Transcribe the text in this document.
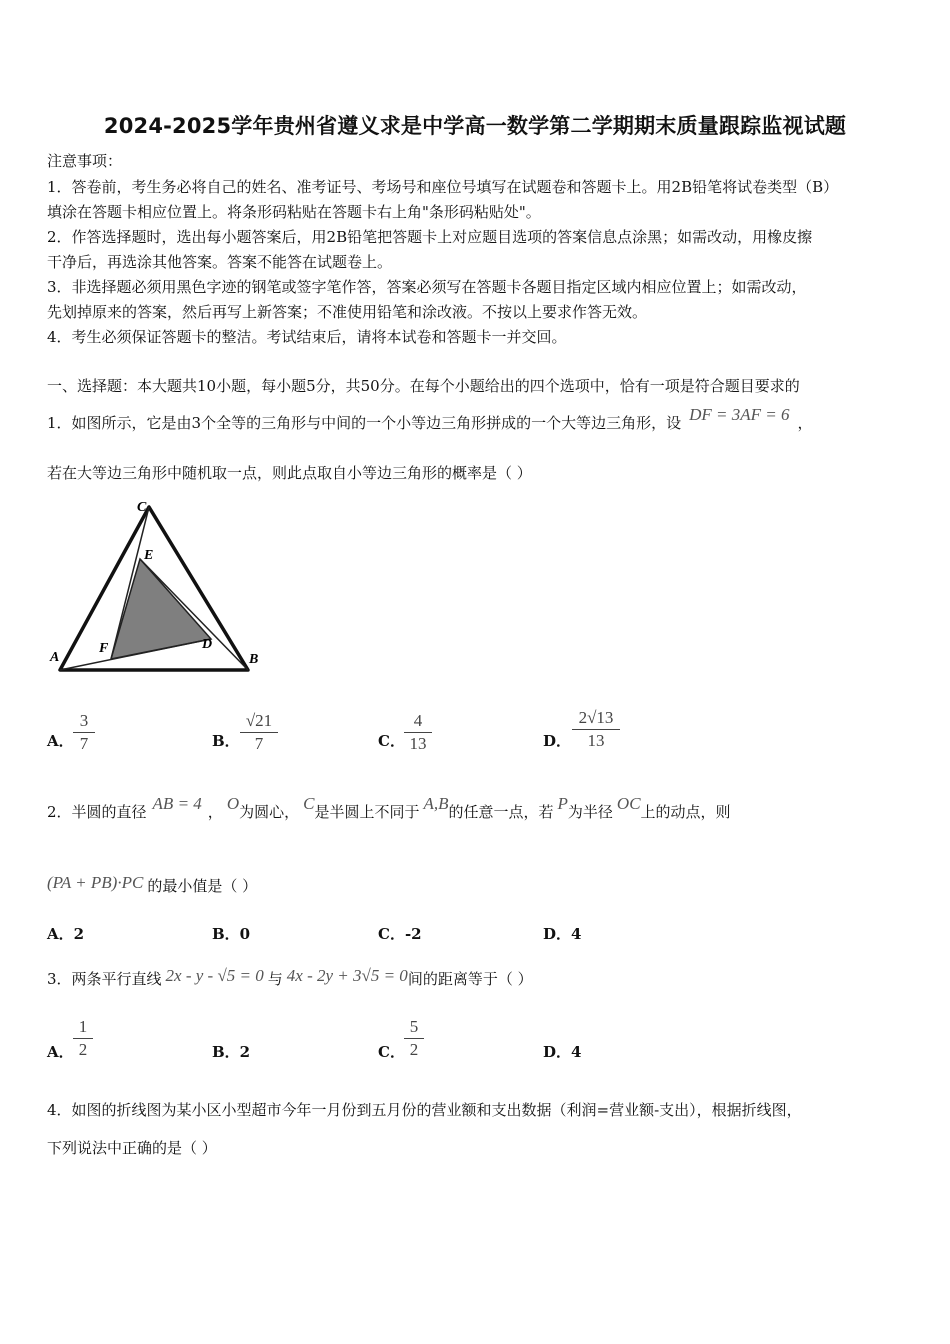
2024-2025学年贵州省遵义求是中学高一数学第二学期期末质量跟踪监视试题
注意事项：
1．答卷前，考生务必将自己的姓名、准考证号、考场号和座位号填写在试题卷和答题卡上。用2B铅笔将试卷类型（B）
填涂在答题卡相应位置上。将条形码粘贴在答题卡右上角"条形码粘贴处"。
2．作答选择题时，选出每小题答案后，用2B铅笔把答题卡上对应题目选项的答案信息点涂黑；如需改动，用橡皮擦
干净后，再选涂其他答案。答案不能答在试题卷上。
3．非选择题必须用黑色字迹的钢笔或签字笔作答，答案必须写在答题卡各题目指定区域内相应位置上；如需改动，
先划掉原来的答案，然后再写上新答案；不准使用铅笔和涂改液。不按以上要求作答无效。
4．考生必须保证答题卡的整洁。考试结束后，请将本试卷和答题卡一并交回。
一、选择题：本大题共10小题，每小题5分，共50分。在每个小题给出的四个选项中，恰有一项是符合题目要求的
1．如图所示，它是由3个全等的三角形与中间的一个小等边三角形拼成的一个大等边三角形，设 DF = 3AF = 6 ，
若在大等边三角形中随机取一点，则此点取自小等边三角形的概率是（ ）
C
E
D
F
A	B
A．
3
7	B．
√21
7	C．
4
13	D．
2√13
13
2．半圆的直径 AB = 4 ， O为圆心， C是半圆上不同于 A,B的任意一点，若 P为半径 OC上的动点，则
(PA + PB)·PC 的最小值是（ ）
A．2	B．0	C．-2	D．4
3．两条平行直线 2x - y - √5 = 0 与 4x - 2y + 3√5 = 0间的距离等于（ ）
A．
1
2	B．2	C．
5
2	D．4
4．如图的折线图为某小区小型超市今年一月份到五月份的营业额和支出数据（利润=营业额-支出），根据折线图，
下列说法中正确的是（ ）
